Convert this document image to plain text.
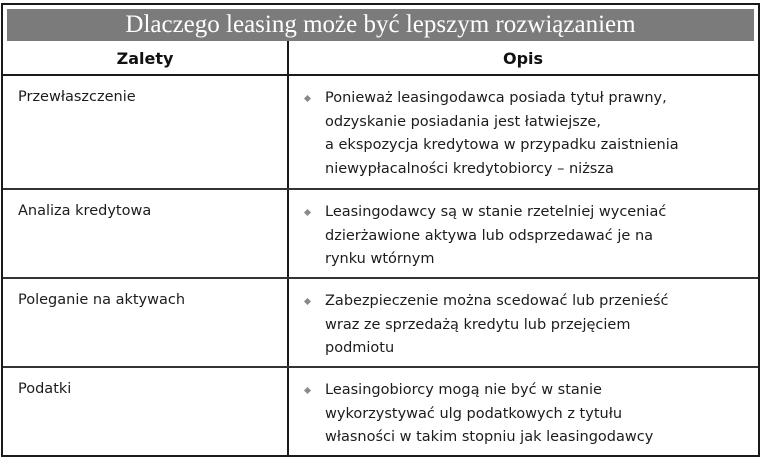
Dlaczego leasing może być lepszym rozwiązaniem
Zalety	Opis
Przewłaszczenie	Ponieważ leasingodawca posiada tytuł prawny,
odzyskanie posiadania jest łatwiejsze,
a ekspozycja kredytowa w przypadku zaistnienia
niewypłacalności kredytobiorcy – niższa
Analiza kredytowa	Leasingodawcy są w stanie rzetelniej wyceniać
dzierżawione aktywa lub odsprzedawać je na
rynku wtórnym
Poleganie na aktywach	Zabezpieczenie można scedować lub przenieść
wraz ze sprzedażą kredytu lub przejęciem
podmiotu
Podatki	Leasingobiorcy mogą nie być w stanie
wykorzystywać ulg podatkowych z tytułu
własności w takim stopniu jak leasingodawcy
